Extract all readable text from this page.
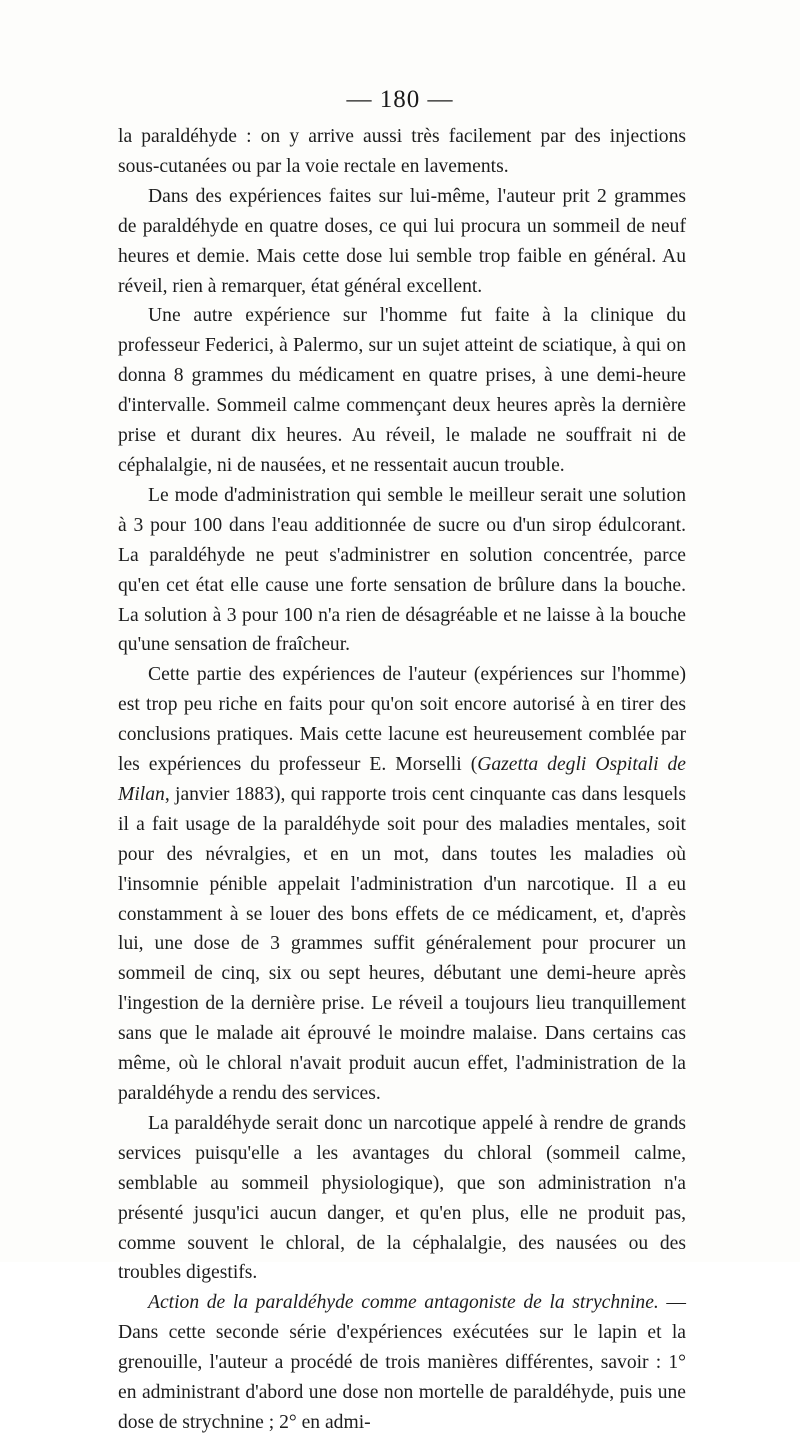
— 180 —

la paraldéhyde : on y arrive aussi très facilement par des injections sous-cutanées ou par la voie rectale en lavements.

Dans des expériences faites sur lui-même, l'auteur prit 2 grammes de paraldéhyde en quatre doses, ce qui lui procura un sommeil de neuf heures et demie. Mais cette dose lui semble trop faible en général. Au réveil, rien à remarquer, état général excellent.

Une autre expérience sur l'homme fut faite à la clinique du professeur Federici, à Palermo, sur un sujet atteint de sciatique, à qui on donna 8 grammes du médicament en quatre prises, à une demi-heure d'intervalle. Sommeil calme commençant deux heures après la dernière prise et durant dix heures. Au réveil, le malade ne souffrait ni de céphalalgie, ni de nausées, et ne ressentait aucun trouble.

Le mode d'administration qui semble le meilleur serait une solution à 3 pour 100 dans l'eau additionnée de sucre ou d'un sirop édulcorant. La paraldéhyde ne peut s'administrer en solution concentrée, parce qu'en cet état elle cause une forte sensation de brûlure dans la bouche. La solution à 3 pour 100 n'a rien de désagréable et ne laisse à la bouche qu'une sensation de fraîcheur.

Cette partie des expériences de l'auteur (expériences sur l'homme) est trop peu riche en faits pour qu'on soit encore autorisé à en tirer des conclusions pratiques. Mais cette lacune est heureusement comblée par les expériences du professeur E. Morselli (Gazetta degli Ospitali de Milan, janvier 1883), qui rapporte trois cent cinquante cas dans lesquels il a fait usage de la paraldéhyde soit pour des maladies mentales, soit pour des névralgies, et en un mot, dans toutes les maladies où l'insomnie pénible appelait l'administration d'un narcotique. Il a eu constamment à se louer des bons effets de ce médicament, et, d'après lui, une dose de 3 grammes suffit généralement pour procurer un sommeil de cinq, six ou sept heures, débutant une demi-heure après l'ingestion de la dernière prise. Le réveil a toujours lieu tranquillement sans que le malade ait éprouvé le moindre malaise. Dans certains cas même, où le chloral n'avait produit aucun effet, l'administration de la paraldéhyde a rendu des services.

La paraldéhyde serait donc un narcotique appelé à rendre de grands services puisqu'elle a les avantages du chloral (sommeil calme, semblable au sommeil physiologique), que son administration n'a présenté jusqu'ici aucun danger, et qu'en plus, elle ne produit pas, comme souvent le chloral, de la céphalalgie, des nausées ou des troubles digestifs.

Action de la paraldéhyde comme antagoniste de la strychnine. — Dans cette seconde série d'expériences exécutées sur le lapin et la grenouille, l'auteur a procédé de trois manières différentes, savoir : 1° en administrant d'abord une dose non mortelle de paraldéhyde, puis une dose de strychnine ; 2° en admi-
